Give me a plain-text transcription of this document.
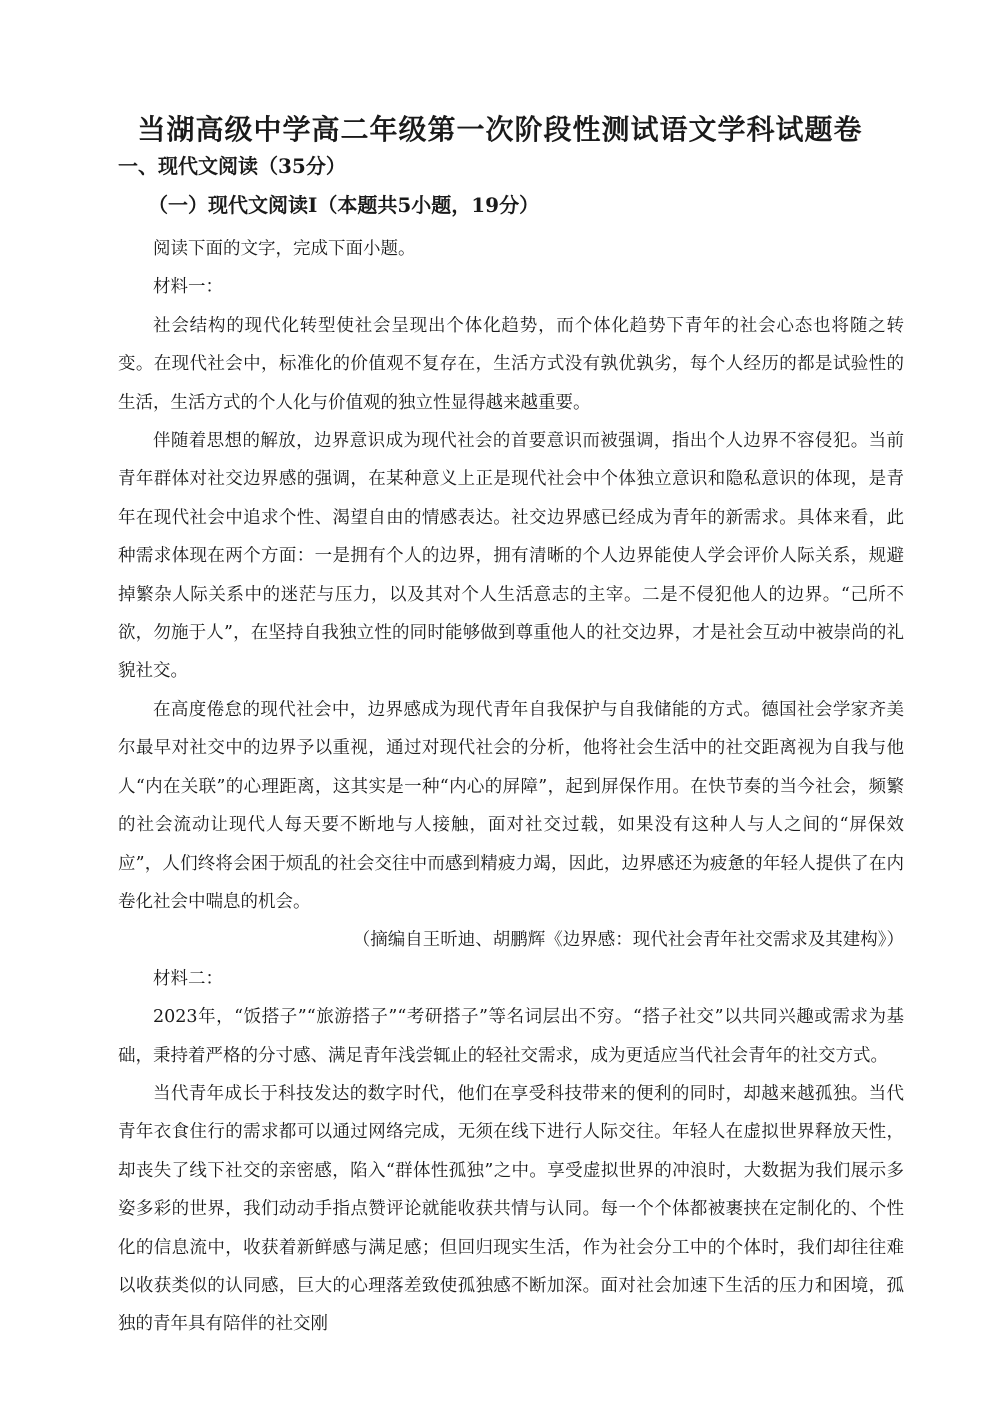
当湖高级中学高二年级第一次阶段性测试语文学科试题卷
一、现代文阅读（35分）
（一）现代文阅读Ⅰ（本题共5小题，19分）

阅读下面的文字，完成下面小题。

材料一：

社会结构的现代化转型使社会呈现出个体化趋势，而个体化趋势下青年的社会心态也将随之转变。在现代社会中，标准化的价值观不复存在，生活方式没有孰优孰劣，每个人经历的都是试验性的生活，生活方式的个人化与价值观的独立性显得越来越重要。

伴随着思想的解放，边界意识成为现代社会的首要意识而被强调，指出个人边界不容侵犯。当前青年群体对社交边界感的强调，在某种意义上正是现代社会中个体独立意识和隐私意识的体现，是青年在现代社会中追求个性、渴望自由的情感表达。社交边界感已经成为青年的新需求。具体来看，此种需求体现在两个方面：一是拥有个人的边界，拥有清晰的个人边界能使人学会评价人际关系，规避掉繁杂人际关系中的迷茫与压力，以及其对个人生活意志的主宰。二是不侵犯他人的边界。“己所不欲，勿施于人”，在坚持自我独立性的同时能够做到尊重他人的社交边界，才是社会互动中被崇尚的礼貌社交。

在高度倦怠的现代社会中，边界感成为现代青年自我保护与自我储能的方式。德国社会学家齐美尔最早对社交中的边界予以重视，通过对现代社会的分析，他将社会生活中的社交距离视为自我与他人“内在关联”的心理距离，这其实是一种“内心的屏障”，起到屏保作用。在快节奏的当今社会，频繁的社会流动让现代人每天要不断地与人接触，面对社交过载，如果没有这种人与人之间的“屏保效应”，人们终将会困于烦乱的社会交往中而感到精疲力竭，因此，边界感还为疲惫的年轻人提供了在内卷化社会中喘息的机会。

（摘编自王昕迪、胡鹏辉《边界感：现代社会青年社交需求及其建构》）

材料二：

2023年，“饭搭子”“旅游搭子”“考研搭子”等名词层出不穷。“搭子社交”以共同兴趣或需求为基础，秉持着严格的分寸感、满足青年浅尝辄止的轻社交需求，成为更适应当代社会青年的社交方式。

当代青年成长于科技发达的数字时代，他们在享受科技带来的便利的同时，却越来越孤独。当代青年衣食住行的需求都可以通过网络完成，无须在线下进行人际交往。年轻人在虚拟世界释放天性，却丧失了线下社交的亲密感，陷入“群体性孤独”之中。享受虚拟世界的冲浪时，大数据为我们展示多姿多彩的世界，我们动动手指点赞评论就能收获共情与认同。每一个个体都被裹挟在定制化的、个性化的信息流中，收获着新鲜感与满足感；但回归现实生活，作为社会分工中的个体时，我们却往往难以收获类似的认同感，巨大的心理落差致使孤独感不断加深。面对社会加速下生活的压力和困境，孤独的青年具有陪伴的社交刚
